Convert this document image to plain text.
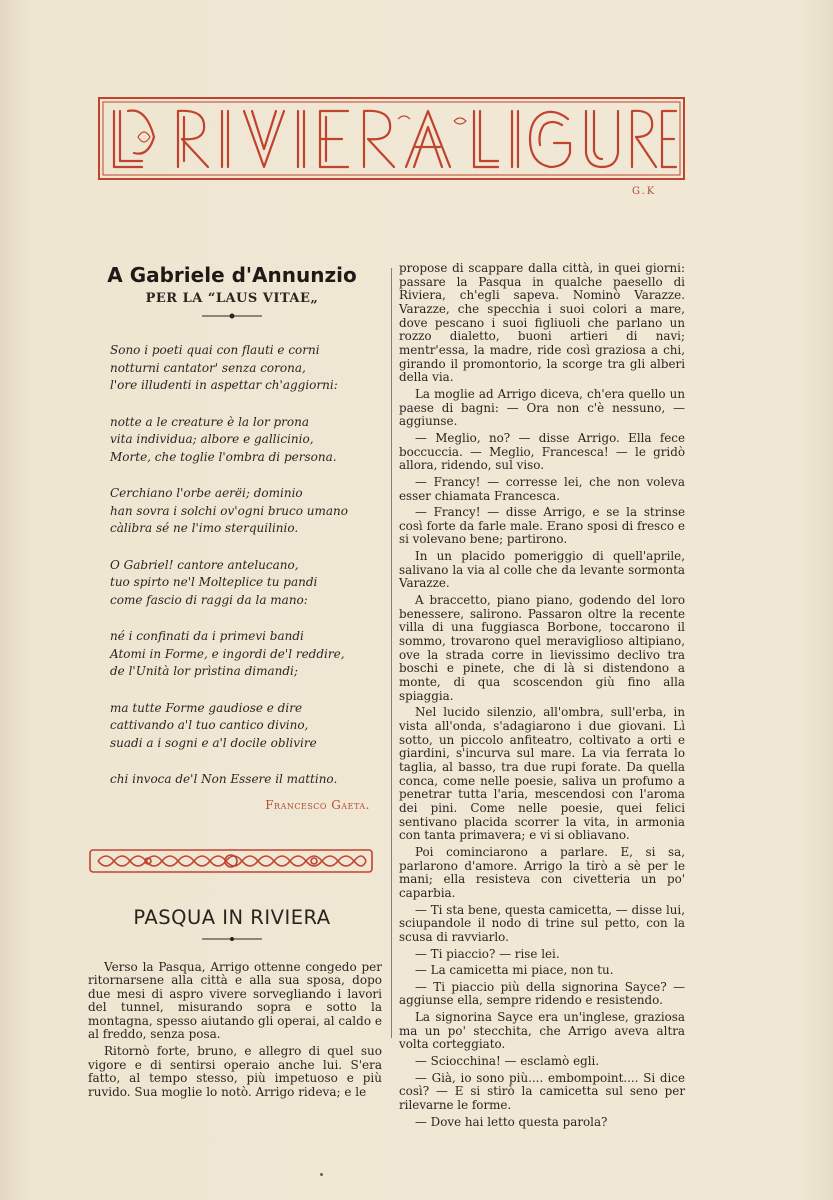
G.K
A Gabriele d'Annunzio
PER LA “LAUS VITAE„
Sono i poeti quai con flauti e corni
notturni cantator' senza corona,
l'ore illudenti in aspettar ch'aggiorni:
notte a le creature è la lor prona
vita individua; albore e gallicinio,
Morte, che toglie l'ombra di persona.
Cerchiano l'orbe aerëi; dominio
han sovra i solchi ov'ogni bruco umano
càlibra sé ne l'imo sterquilinio.
O Gabriel! cantore antelucano,
tuo spirto ne'l Molteplice tu pandi
come fascio di raggi da la mano:
né i confinati da i primevi bandi
Atomi in Forme, e ingordi de'l reddire,
de l'Unità lor prìstina dimandi;
ma tutte Forme gaudiose e dire
cattivando a'l tuo cantico divino,
suadi a i sogni e a'l docile oblivire
chi invoca de'l Non Essere il mattino.
Francesco Gaeta.
PASQUA IN RIVIERA

Verso la Pasqua, Arrigo ottenne congedo per ritornarsene alla città e alla sua sposa, dopo due mesi di aspro vivere sorvegliando i lavori del tunnel, misurando sopra e sotto la montagna, spesso aiutando gli operai, al caldo e al freddo, senza posa.

Ritornò forte, bruno, e allegro di quel suo vigore e di sentirsi operaio anche lui. S'era fatto, al tempo stesso, più impetuoso e più ruvido. Sua moglie lo notò. Arrigo rideva; e le

propose di scappare dalla città, in quei giorni: passare la Pasqua in qualche paesello di Riviera, ch'egli sapeva. Nominò Varazze. Varazze, che specchia i suoi colori a mare, dove pescano i suoi figliuoli che parlano un rozzo dialetto, buoni artieri di navi; mentr'essa, la madre, ride così graziosa a chi, girando il promontorio, la scorge tra gli alberi della via.

La moglie ad Arrigo diceva, ch'era quello un paese di bagni: — Ora non c'è nessuno, — aggiunse.

— Meglio, no? — disse Arrigo. Ella fece boccuccia. — Meglio, Francesca! — le gridò allora, ridendo, sul viso.

— Francy! — corresse lei, che non voleva esser chiamata Francesca.

— Francy! — disse Arrigo, e se la strinse così forte da farle male. Erano sposi di fresco e si volevano bene; partirono.

In un placido pomeriggio di quell'aprile, salivano la via al colle che da levante sormonta Varazze.

A braccetto, piano piano, godendo del loro benessere, salirono. Passaron oltre la recente villa di una fuggiasca Borbone, toccarono il sommo, trovarono quel meraviglioso altipiano, ove la strada corre in lievissimo declivo tra boschi e pinete, che di là si distendono a monte, di qua scoscendon giù fino alla spiaggia.

Nel lucido silenzio, all'ombra, sull'erba, in vista all'onda, s'adagiarono i due giovani. Lì sotto, un piccolo anfiteatro, coltivato a orti e giardini, s'incurva sul mare. La via ferrata lo taglia, al basso, tra due rupi forate. Da quella conca, come nelle poesie, saliva un profumo a penetrar tutta l'aria, mescendosi con l'aroma dei pini. Come nelle poesie, quei felici sentivano placida scorrer la vita, in armonia con tanta primavera; e vi si obliavano.

Poi cominciarono a parlare. E, si sa, parlarono d'amore. Arrigo la tirò a sè per le mani; ella resisteva con civetteria un po' caparbia.

— Ti sta bene, questa camicetta, — disse lui, sciupandole il nodo di trine sul petto, con la scusa di ravviarlo.

— Ti piaccio? — rise lei.

— La camicetta mi piace, non tu.

— Ti piaccio più della signorina Sayce? — aggiunse ella, sempre ridendo e resistendo.

La signorina Sayce era un'inglese, graziosa ma un po' stecchita, che Arrigo aveva altra volta corteggiato.

— Sciocchina! — esclamò egli.

— Già, io sono più.... embompoint.... Si dice così? — E si stirò la camicetta sul seno per rilevarne le forme.

— Dove hai letto questa parola?
